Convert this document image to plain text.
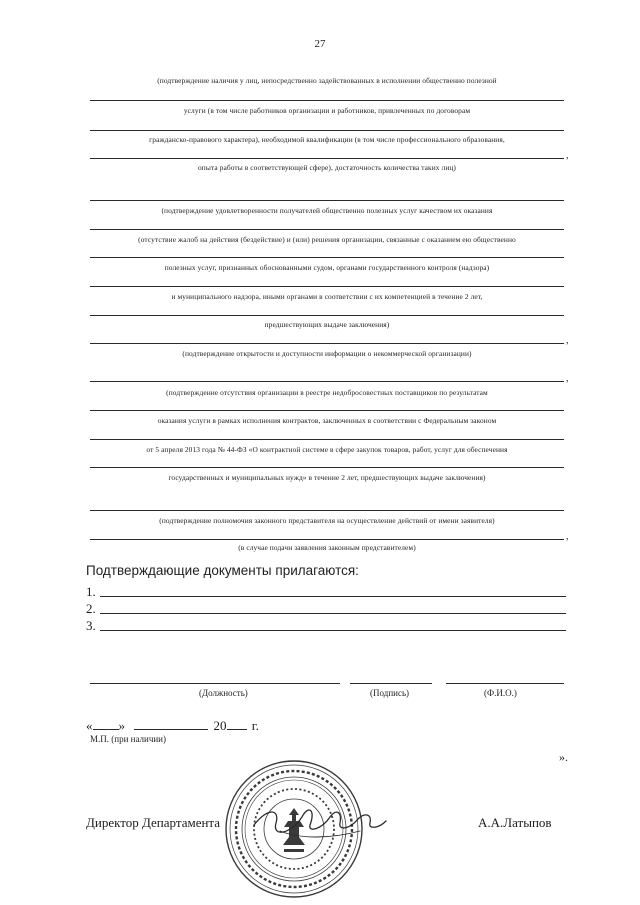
27
(подтверждение наличия у лиц, непосредственно задействованных в исполнении общественно полезной
услуги (в том числе работников организации и работников, привлеченных по договорам
гражданско-правового характера), необходимой квалификации (в том числе профессионального образования,
,
опыта работы в соответствующей сфере), достаточность количества таких лиц)
(подтверждение удовлетворенности получателей общественно полезных услуг качеством их оказания
(отсутствие жалоб на действия (бездействие) и (или) решения организации, связанные с оказанием ею общественно
полезных услуг, признанных обоснованными судом, органами государственного контроля (надзора)
и муниципального надзора, иными органами в соответствии с их компетенцией в течение 2 лет,
предшествующих выдаче заключения)
,
(подтверждение открытости и доступности информации о некоммерческой организации)
,
(подтверждение отсутствия организации в реестре недобросовестных поставщиков по результатам
оказания услуги в рамках исполнения контрактов, заключенных в соответствии с Федеральным законом
от 5 апреля 2013 года № 44-ФЗ «О контрактной системе в сфере закупок товаров, работ, услуг для обеспечения
государственных и муниципальных нужд» в течение 2 лет, предшествующих выдаче заключения)
(подтверждение полномочия законного представителя на осуществление действий от имени заявителя)
,
(в случае подачи заявления законным представителем)
Подтверждающие документы прилагаются:
1.
2.
3.
(Должность)	(Подпись)	(Ф.И.О.)
« »	20 г.
М.П. (при наличии)
».
Директор Департамента	А.А.Латыпов
